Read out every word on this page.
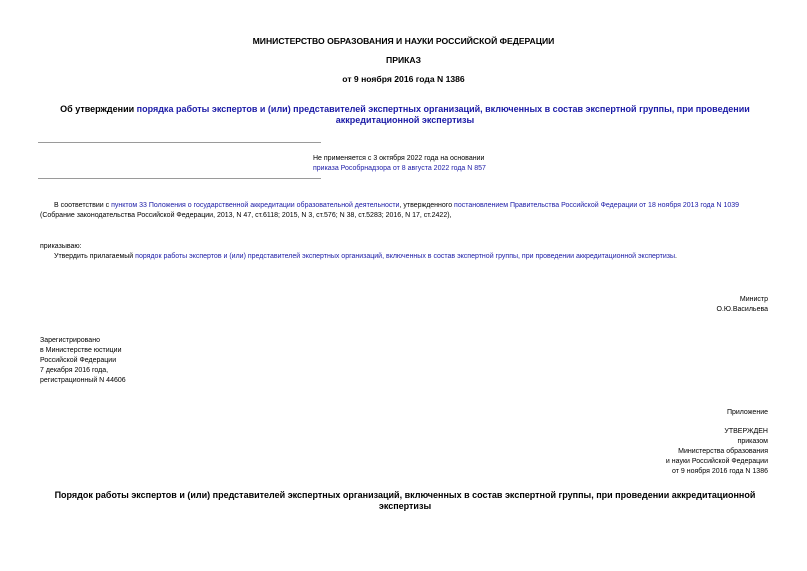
МИНИСТЕРСТВО ОБРАЗОВАНИЯ И НАУКИ РОССИЙСКОЙ ФЕДЕРАЦИИ
ПРИКАЗ
от 9 ноября 2016 года N 1386
Об утверждении порядка работы экспертов и (или) представителей экспертных организаций, включенных в состав экспертной группы, при проведении аккредитационной экспертизы
Не применяется с 3 октября 2022 года на основании
приказа Рособрнадзора от 8 августа 2022 года N 857
В соответствии с пунктом 33 Положения о государственной аккредитации образовательной деятельности, утвержденного постановлением Правительства Российской Федерации от 18 ноября 2013 года N 1039 (Собрание законодательства Российской Федерации, 2013, N 47, ст.6118; 2015, N 3, ст.576; N 38, ст.5283; 2016, N 17, ст.2422),
приказываю:
Утвердить прилагаемый порядок работы экспертов и (или) представителей экспертных организаций, включенных в состав экспертной группы, при проведении аккредитационной экспертизы.
Министр
О.Ю.Васильева
Зарегистрировано
в Министерстве юстиции
Российской Федерации
7 декабря 2016 года,
регистрационный N 44606
Приложение
УТВЕРЖДЕН
приказом
Министерства образования
и науки Российской Федерации
от 9 ноября 2016 года N 1386
Порядок работы экспертов и (или) представителей экспертных организаций, включенных в состав экспертной группы, при проведении аккредитационной экспертизы
